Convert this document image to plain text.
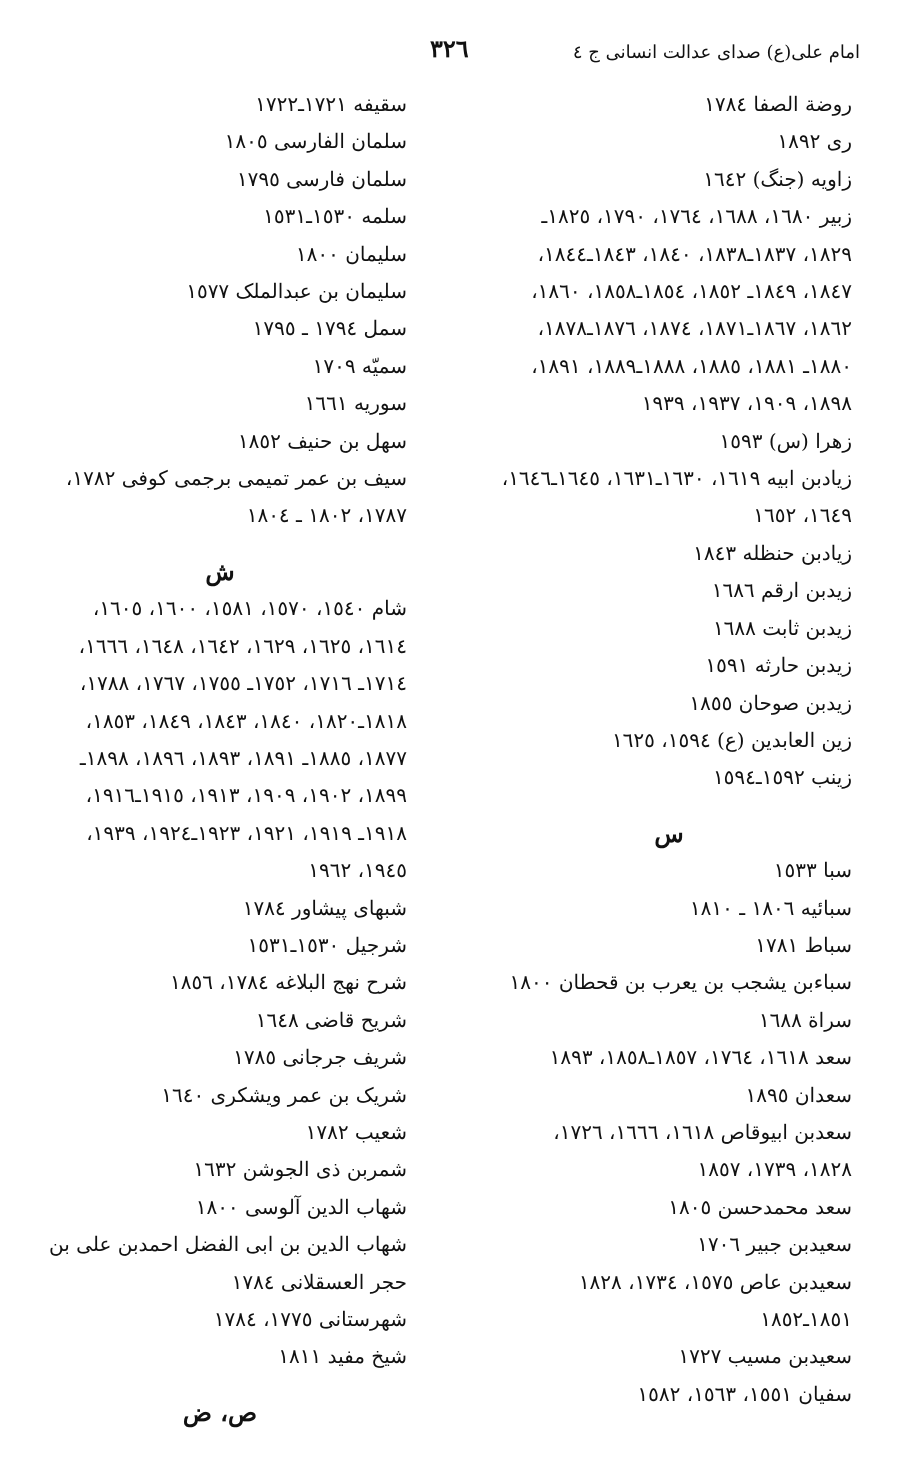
امام علی(ع) صدای عدالت انسانی ج ٤
٣٢٦
روضة الصفا ١٧٨٤
ری ١٨٩٢
زاویه (جنگ) ١٦٤٢
زبیر ١٦٨٠، ١٦٨٨، ١٧٦٤، ١٧٩٠، ١٨٢٥ـ
١٨٢٩، ١٨٣٧ـ١٨٣٨، ١٨٤٠، ١٨٤٣ـ١٨٤٤،
١٨٤٧، ١٨٤٩ـ ١٨٥٢، ١٨٥٤ـ١٨٥٨، ١٨٦٠،
١٨٦٢، ١٨٦٧ـ١٨٧١، ١٨٧٤، ١٨٧٦ـ١٨٧٨،
١٨٨٠ـ ١٨٨١، ١٨٨٥، ١٨٨٨ـ١٨٨٩، ١٨٩١،
١٨٩٨، ١٩٠٩، ١٩٣٧، ١٩٣٩
زهرا (س) ١٥٩٣
زیادبن ابیه ١٦١٩، ١٦٣٠ـ١٦٣١، ١٦٤٥ـ١٦٤٦،
١٦٤٩، ١٦٥٢
زیادبن حنظله ١٨٤٣
زیدبن ارقم ١٦٨٦
زیدبن ثابت ١٦٨٨
زیدبن حارثه ١٥٩١
زیدبن صوحان ١٨٥٥
زین العابدین (ع) ١٥٩٤، ١٦٢٥
زینب ١٥٩٢ـ١٥٩٤
س
سبا ١٥٣٣
سبائیه ١٨٠٦ ـ ١٨١٠
سباط ١٧٨١
سباءبن یشجب بن یعرب بن قحطان ١٨٠٠
سراة ١٦٨٨
سعد ١٦١٨، ١٧٦٤، ١٨٥٧ـ١٨٥٨، ١٨٩٣
سعدان ١٨٩٥
سعدبن ابیوقاص ١٦١٨، ١٦٦٦، ١٧٢٦،
١٨٢٨، ١٧٣٩، ١٨٥٧
سعد محمدحسن ١٨٠٥
سعیدبن جبیر ١٧٠٦
سعیدبن عاص ١٥٧٥، ١٧٣٤، ١٨٢٨
١٨٥١ـ١٨٥٢
سعیدبن مسیب ١٧٢٧
سفیان ١٥٥١، ١٥٦٣، ١٥٨٢
سقیفه ١٧٢١ـ١٧٢٢
سلمان الفارسی ١٨٠٥
سلمان فارسی ١٧٩٥
سلمه ١٥٣٠ـ١٥٣١
سلیمان ١٨٠٠
سلیمان بن عبدالملک ١٥٧٧
سمل ١٧٩٤ ـ ١٧٩٥
سمیّه ١٧٠٩
سوریه ١٦٦١
سهل بن حنیف ١٨٥٢
سیف بن عمر تمیمی برجمی کوفی ١٧٨٢،
١٧٨٧، ١٨٠٢ ـ ١٨٠٤
ش
شام ١٥٤٠، ١٥٧٠، ١٥٨١، ١٦٠٠، ١٦٠٥،
١٦١٤، ١٦٢٥، ١٦٢٩، ١٦٤٢، ١٦٤٨، ١٦٦٦،
١٧١٤ـ ١٧١٦، ١٧٥٢ـ ١٧٥٥، ١٧٦٧، ١٧٨٨،
١٨١٨ـ١٨٢٠، ١٨٤٠، ١٨٤٣، ١٨٤٩، ١٨٥٣،
١٨٧٧، ١٨٨٥ـ ١٨٩١، ١٨٩٣، ١٨٩٦، ١٨٩٨ـ
١٨٩٩، ١٩٠٢، ١٩٠٩، ١٩١٣، ١٩١٥ـ١٩١٦،
١٩١٨ـ ١٩١٩، ١٩٢١، ١٩٢٣ـ١٩٢٤، ١٩٣٩،
١٩٤٥، ١٩٦٢
شبهای پیشاور ١٧٨٤
شرجیل ١٥٣٠ـ١٥٣١
شرح نهج البلاغه ١٧٨٤، ١٨٥٦
شریح قاضی ١٦٤٨
شریف جرجانی ١٧٨٥
شریک بن عمر ویشکری ١٦٤٠
شعیب ١٧٨٢
شمربن ذی الجوشن ١٦٣٢
شهاب الدین آلوسی ١٨٠٠
شهاب الدین بن ابی الفضل احمدبن علی بن
حجر العسقلانی ١٧٨٤
شهرستانی ١٧٧٥، ١٧٨٤
شیخ مفید ١٨١١
ص، ض
